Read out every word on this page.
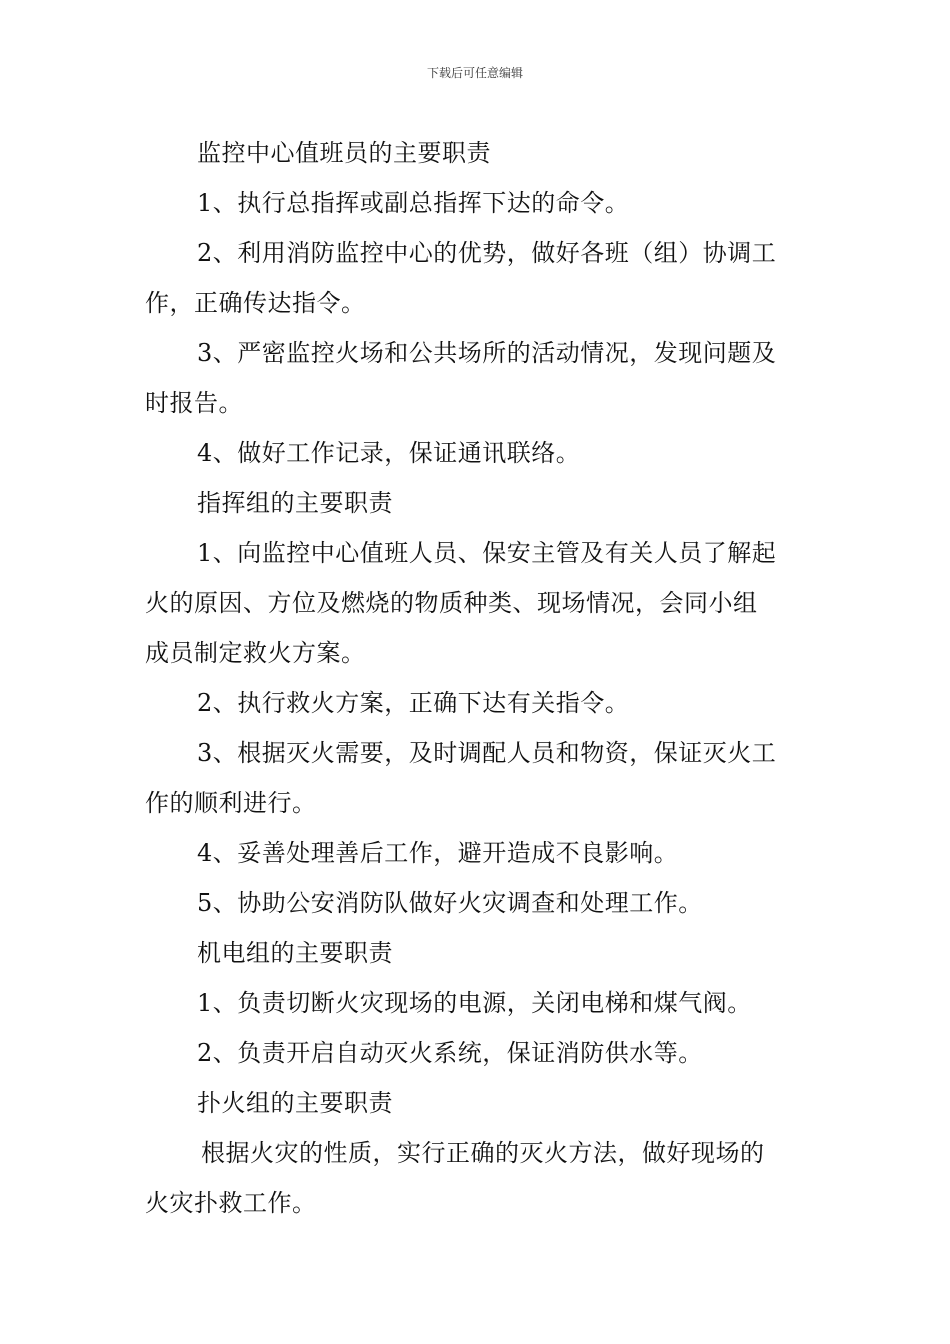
下载后可任意编辑
监控中心值班员的主要职责
1、执行总指挥或副总指挥下达的命令。
2、利用消防监控中心的优势，做好各班（组）协调工
作，正确传达指令。
3、严密监控火场和公共场所的活动情况，发现问题及
时报告。
4、做好工作记录，保证通讯联络。
指挥组的主要职责
1、向监控中心值班人员、保安主管及有关人员了解起
火的原因、方位及燃烧的物质种类、现场情况，会同小组
成员制定救火方案。
2、执行救火方案，正确下达有关指令。
3、根据灭火需要，及时调配人员和物资，保证灭火工
作的顺利进行。
4、妥善处理善后工作，避开造成不良影响。
5、协助公安消防队做好火灾调查和处理工作。
机电组的主要职责
1、负责切断火灾现场的电源，关闭电梯和煤气阀。
2、负责开启自动灭火系统，保证消防供水等。
扑火组的主要职责
根据火灾的性质，实行正确的灭火方法，做好现场的
火灾扑救工作。
